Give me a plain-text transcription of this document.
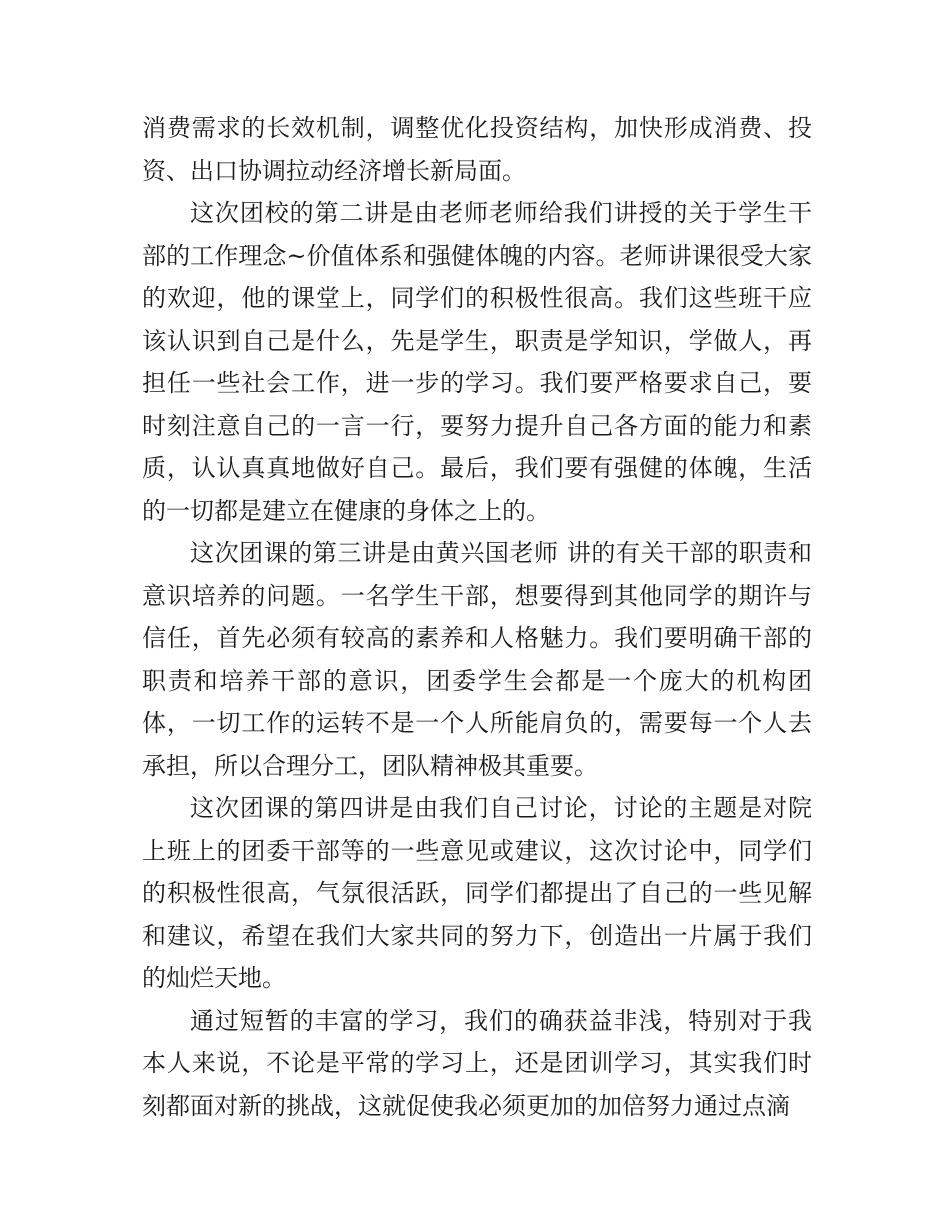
消费需求的长效机制，调整优化投资结构，加快形成消费、投资、出口协调拉动经济增长新局面。

这次团校的第二讲是由老师老师给我们讲授的关于学生干部的工作理念~价值体系和强健体魄的内容。老师讲课很受大家的欢迎，他的课堂上，同学们的积极性很高。我们这些班干应该认识到自己是什么，先是学生，职责是学知识，学做人，再担任一些社会工作，进一步的学习。我们要严格要求自己，要时刻注意自己的一言一行，要努力提升自己各方面的能力和素质，认认真真地做好自己。最后，我们要有强健的体魄，生活的一切都是建立在健康的身体之上的。

这次团课的第三讲是由黄兴国老师 讲的有关干部的职责和意识培养的问题。一名学生干部，想要得到其他同学的期许与信任，首先必须有较高的素养和人格魅力。我们要明确干部的职责和培养干部的意识，团委学生会都是一个庞大的机构团体，一切工作的运转不是一个人所能肩负的，需要每一个人去承担，所以合理分工，团队精神极其重要。

这次团课的第四讲是由我们自己讨论，讨论的主题是对院上班上的团委干部等的一些意见或建议，这次讨论中，同学们的积极性很高，气氛很活跃，同学们都提出了自己的一些见解和建议，希望在我们大家共同的努力下，创造出一片属于我们的灿烂天地。

通过短暂的丰富的学习，我们的确获益非浅，特别对于我本人来说，不论是平常的学习上，还是团训学习，其实我们时刻都面对新的挑战，这就促使我必须更加的加倍努力通过点滴
